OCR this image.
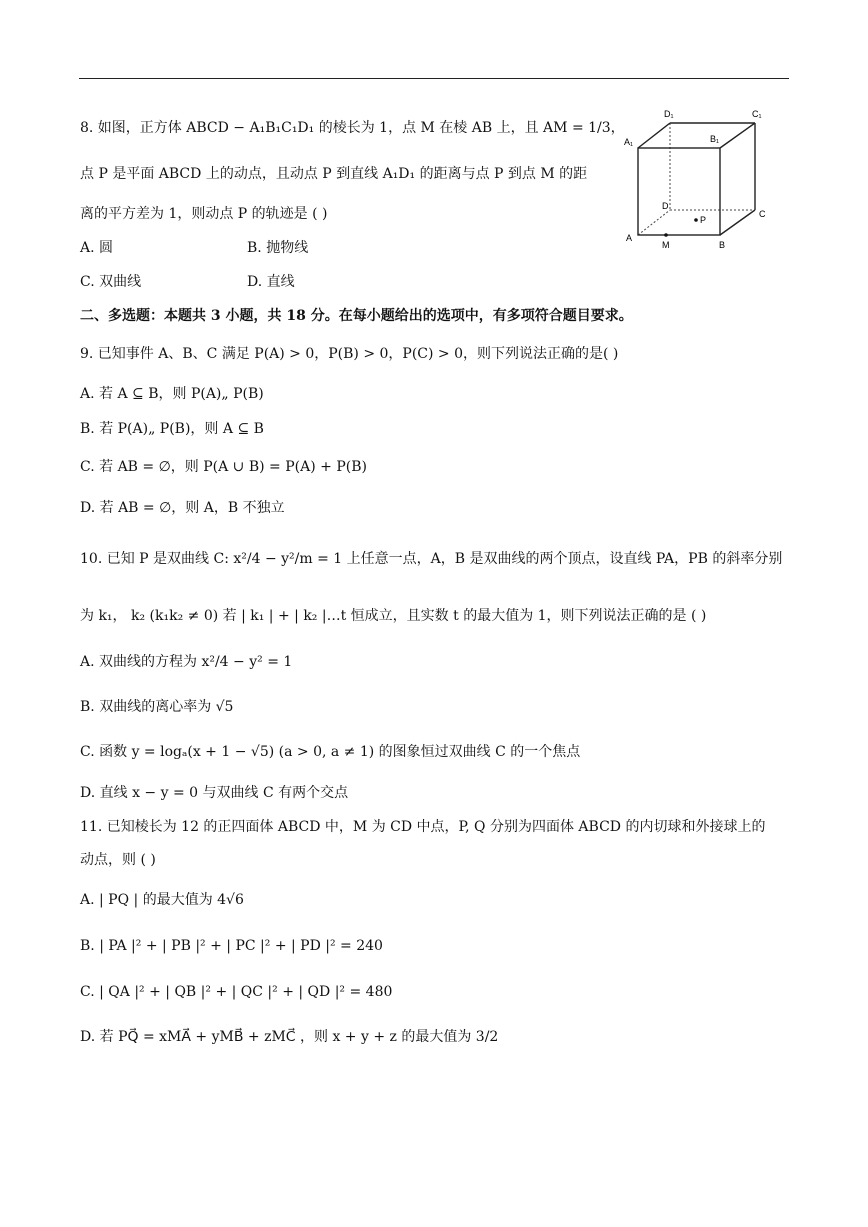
8. 如图，正方体 ABCD − A₁B₁C₁D₁ 的棱长为 1，点 M 在棱 AB 上，且 AM = 1/3，
点 P 是平面 ABCD 上的动点，且动点 P 到直线 A₁D₁ 的距离与点 P 到点 M 的距
离的平方差为 1，则动点 P 的轨迹是 ( )
A. 圆	B. 抛物线
C. 双曲线	D. 直线
D₁	C₁
A₁	B₁
D
C
A
M	B
P
二、多选题：本题共 3 小题，共 18 分。在每小题给出的选项中，有多项符合题目要求。
9. 已知事件 A、B、C 满足 P(A) > 0，P(B) > 0，P(C) > 0，则下列说法正确的是( )
A. 若 A ⊆ B，则 P(A)„ P(B)
B. 若 P(A)„ P(B)，则 A ⊆ B
C. 若 AB = ∅，则 P(A ∪ B) = P(A) + P(B)
D. 若 AB = ∅，则 A，B 不独立
10. 已知 P 是双曲线 C: x²/4 − y²/m = 1 上任意一点，A，B 是双曲线的两个顶点，设直线 PA，PB 的斜率分别
为 k₁， k₂ (k₁k₂ ≠ 0) 若 | k₁ | + | k₂ |…t 恒成立，且实数 t 的最大值为 1，则下列说法正确的是 ( )
A. 双曲线的方程为 x²/4 − y² = 1
B. 双曲线的离心率为 √5
C. 函数 y = logₐ(x + 1 − √5) (a > 0, a ≠ 1) 的图象恒过双曲线 C 的一个焦点
D. 直线 x − y = 0 与双曲线 C 有两个交点
11. 已知棱长为 12 的正四面体 ABCD 中，M 为 CD 中点，P, Q 分别为四面体 ABCD 的内切球和外接球上的
动点，则 ( )
A. | PQ | 的最大值为 4√6
B. | PA |² + | PB |² + | PC |² + | PD |² = 240
C. | QA |² + | QB |² + | QC |² + | QD |² = 480
D. 若 PQ⃗ = xMA⃗ + yMB⃗ + zMC⃗ ，则 x + y + z 的最大值为 3/2
